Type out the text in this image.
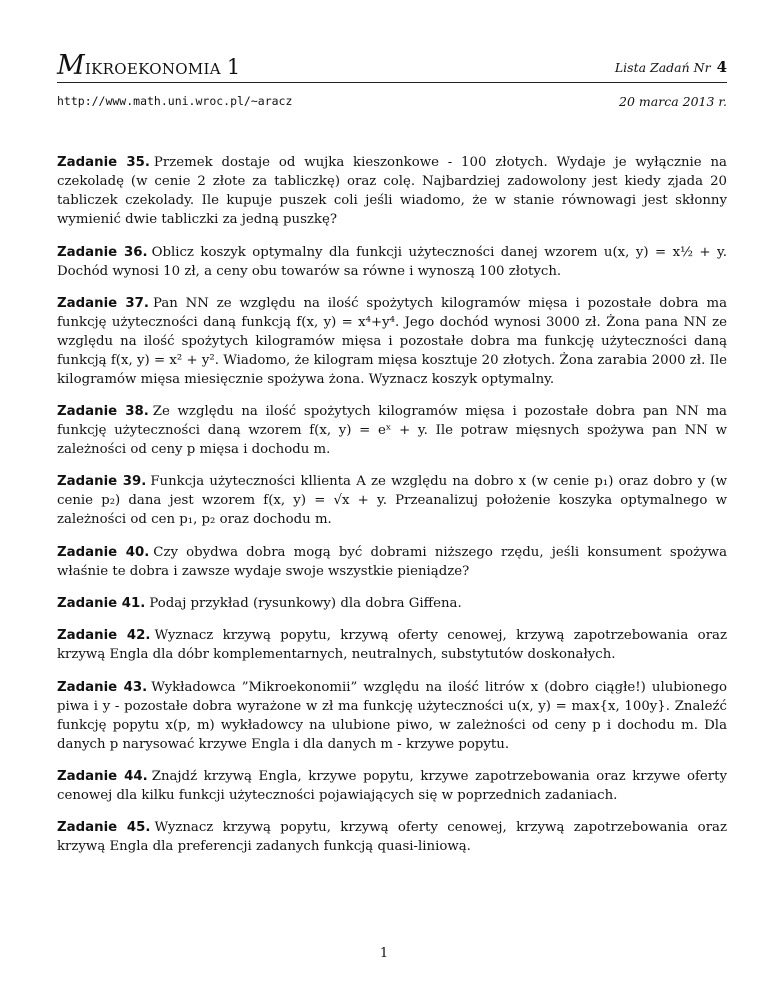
MIKROEKONOMIA 1	Lista Zadań Nr 4
http://www.math.uni.wroc.pl/~aracz	20 marca 2013 r.

Zadanie 35. Przemek dostaje od wujka kieszonkowe - 100 złotych. Wydaje je wyłącznie na czekoladę (w cenie 2 złote za tabliczkę) oraz colę. Najbardziej zadowolony jest kiedy zjada 20 tabliczek czekolady. Ile kupuje puszek coli jeśli wiadomo, że w stanie równowagi jest skłonny wymienić dwie tabliczki za jedną puszkę?

Zadanie 36. Oblicz koszyk optymalny dla funkcji użyteczności danej wzorem u(x, y) = x½ + y. Dochód wynosi 10 zł, a ceny obu towarów sa równe i wynoszą 100 złotych.

Zadanie 37. Pan NN ze względu na ilość spożytych kilogramów mięsa i pozostałe dobra ma funkcję użyteczności daną funkcją f(x, y) = x⁴+y⁴. Jego dochód wynosi 3000 zł. Żona pana NN ze względu na ilość spożytych kilogramów mięsa i pozostałe dobra ma funkcję użyteczności daną funkcją f(x, y) = x² + y². Wiadomo, że kilogram mięsa kosztuje 20 złotych. Żona zarabia 2000 zł. Ile kilogramów mięsa miesięcznie spożywa żona. Wyznacz koszyk optymalny.

Zadanie 38. Ze względu na ilość spożytych kilogramów mięsa i pozostałe dobra pan NN ma funkcję użyteczności daną wzorem f(x, y) = eˣ + y. Ile potraw mięsnych spożywa pan NN w zależności od ceny p mięsa i dochodu m.

Zadanie 39. Funkcja użyteczności kllienta A ze względu na dobro x (w cenie p₁) oraz dobro y (w cenie p₂) dana jest wzorem f(x, y) = √x + y. Przeanalizuj położenie koszyka optymalnego w zależności od cen p₁, p₂ oraz dochodu m.

Zadanie 40. Czy obydwa dobra mogą być dobrami niższego rzędu, jeśli konsument spożywa właśnie te dobra i zawsze wydaje swoje wszystkie pieniądze?

Zadanie 41. Podaj przykład (rysunkowy) dla dobra Giffena.

Zadanie 42. Wyznacz krzywą popytu, krzywą oferty cenowej, krzywą zapotrzebowania oraz krzywą Engla dla dóbr komplementarnych, neutralnych, substytutów doskonałych.

Zadanie 43. Wykładowca ”Mikroekonomii” względu na ilość litrów x (dobro ciągłe!) ulubionego piwa i y - pozostałe dobra wyrażone w zł ma funkcję użyteczności u(x, y) = max{x, 100y}. Znaleźć funkcję popytu x(p, m) wykładowcy na ulubione piwo, w zależności od ceny p i dochodu m. Dla danych p narysować krzywe Engla i dla danych m - krzywe popytu.

Zadanie 44. Znajdź krzywą Engla, krzywe popytu, krzywe zapotrzebowania oraz krzywe oferty cenowej dla kilku funkcji użyteczności pojawiających się w poprzednich zadaniach.

Zadanie 45. Wyznacz krzywą popytu, krzywą oferty cenowej, krzywą zapotrzebowania oraz krzywą Engla dla preferencji zadanych funkcją quasi-liniową.

1
